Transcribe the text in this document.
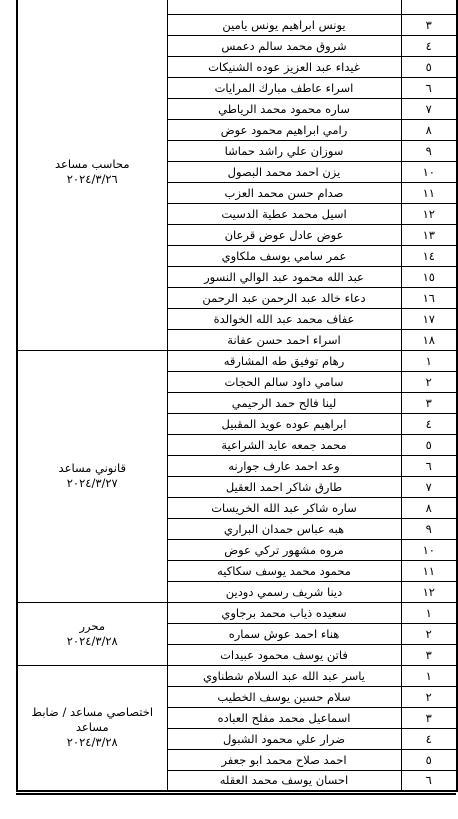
		محاسب مساعد
٢٠٢٤/٣/٢٦

٣	يونس ابراهيم يونس يامين	
٤	شروق محمد سالم دعمس	
٥	غيداء عبد العزيز عوده الشنيكات	
٦	اسراء عاطف مبارك المرايات	
٧	ساره محمود محمد الرياطي	
٨	رامي ابراهيم محمود عوض	
٩	سوزان علي راشد حماشا	
١٠	يزن احمد محمد البصول	
١١	صدام حسن محمد العزب	
١٢	اسيل محمد عطية الدسيت	
١٣	عوض عادل عوض قرعان	
١٤	عمر سامي يوسف ملكاوي	
١٥	عبد الله محمود عبد الوالي النسور	
١٦	دعاء خالد عبد الرحمن عبد الرحمن	
١٧	عفاف محمد عبد الله الخوالدة	
١٨	اسراء احمد حسن عفانة	
١	رهام توفيق طه المشارقه	قانوني مساعد
٢٠٢٤/٣/٢٧

٢	سامي داود سالم الحجات	
٣	لينا فالح حمد الرحيمي	
٤	ابراهيم عوده عويد المقبيل	
٥	محمد جمعه عايد الشراعية	
٦	وعد احمد عارف جوارنه	
٧	طارق شاكر احمد العقيل	
٨	ساره شاكر عبد الله الخريسات	
٩	هبه عباس حمدان البراري	
١٠	مروه مشهور تركي عوض	
١١	محمود محمد يوسف سكاكيه	
١٢	دينا شريف رسمي دودين	
١	سعيده ذياب محمد برجاوي	محرر
٢٠٢٤/٣/٢٨

٢	هناء احمد عوش سماره	
٣	فاتن يوسف محمود عبيدات	
١	ياسر عبد الله عبد السلام شطناوي	اختصاصي مساعد / ضابط مساعد
٢٠٢٤/٣/٢٨

٢	سلام حسين يوسف الخطيب	
٣	اسماعيل محمد مفلح العباده	
٤	ضرار علي محمود الشبول	
٥	احمد صلاح محمد ابو جعفر	
٦	احسان يوسف محمد العقله	
